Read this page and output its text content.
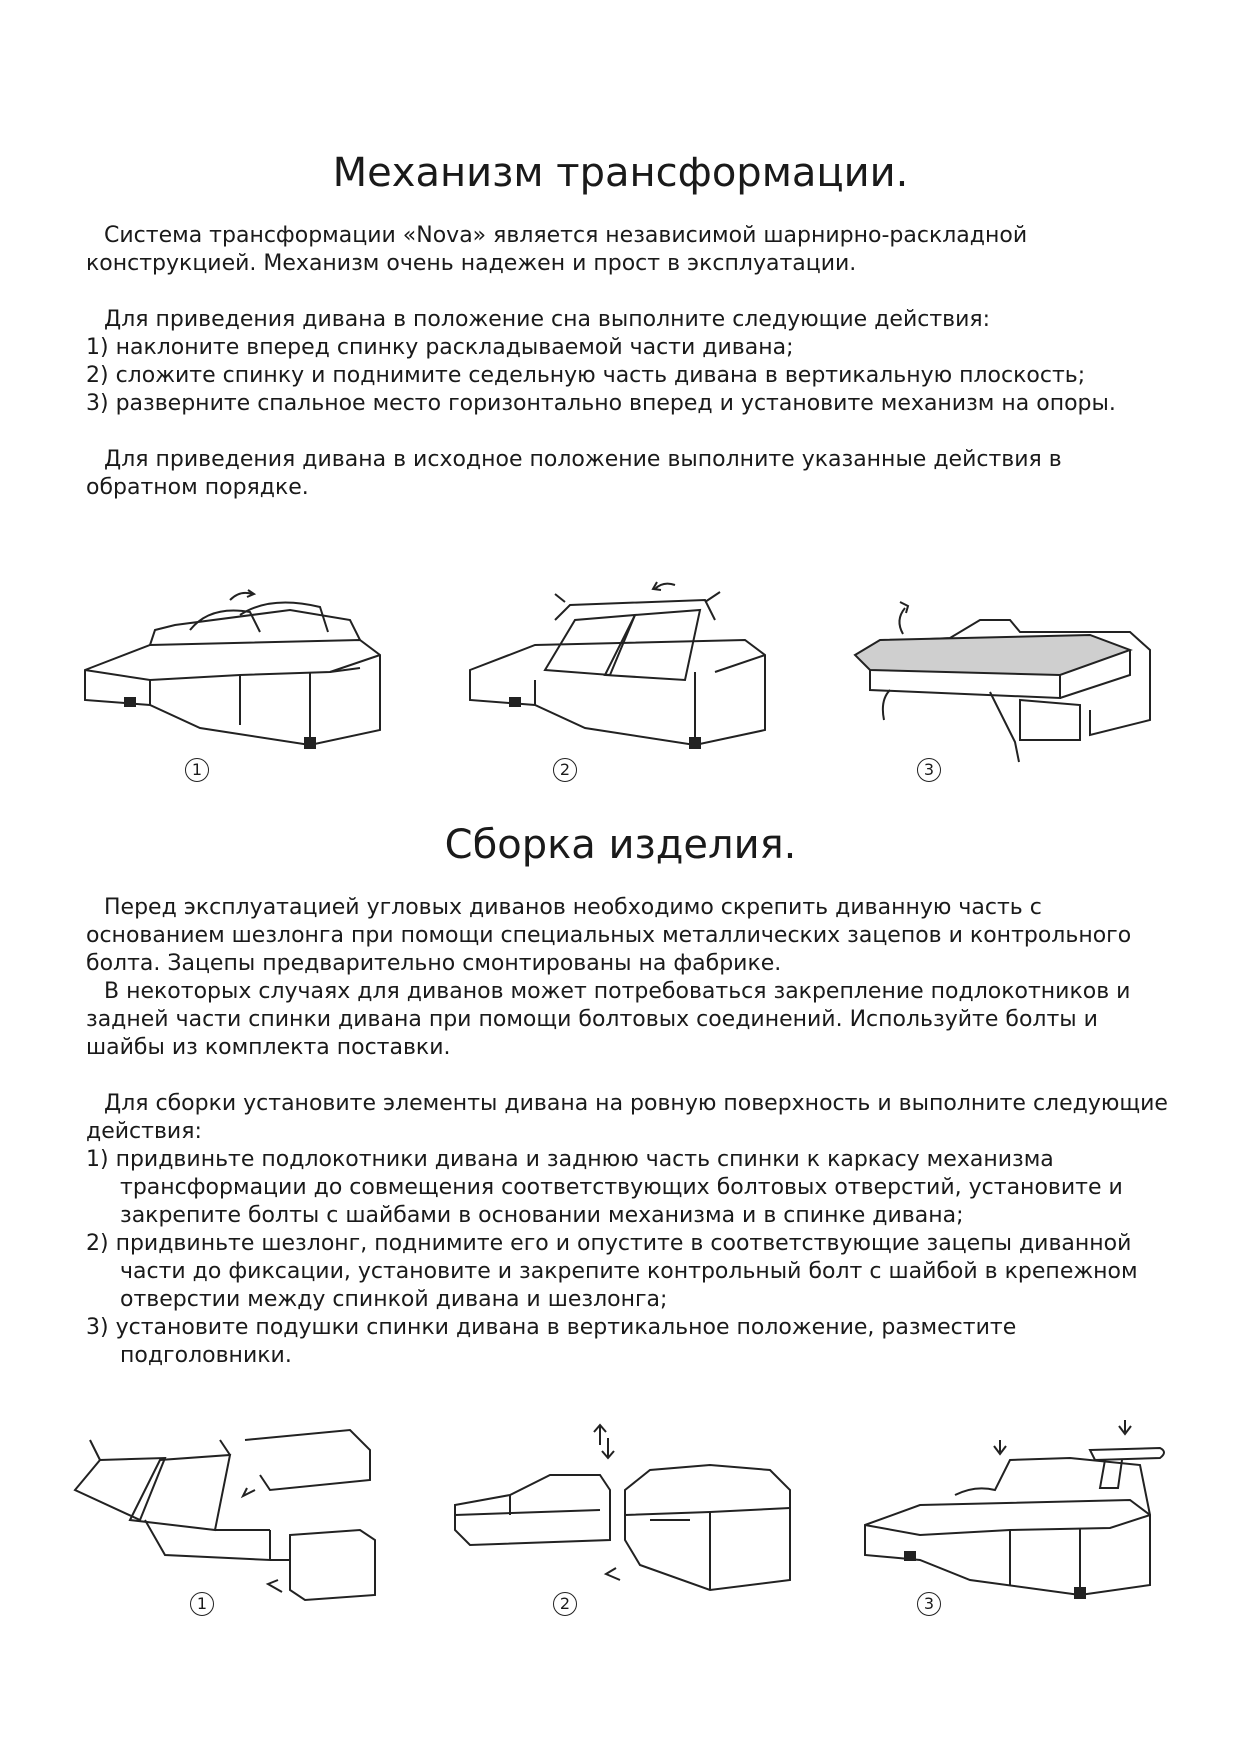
Механизм трансформации.

Система трансформации «Nova» является независимой шарнирно-раскладной конструкцией. Механизм очень надежен и прост в эксплуатации.

Для приведения дивана в положение сна выполните следующие действия:

1) наклоните вперед спинку раскладываемой части дивана;

2) сложите спинку и поднимите седельную часть дивана в вертикальную плоскость;

3) разверните спальное место горизонтально вперед и установите механизм на опоры.

Для приведения дивана в исходное положение выполните указанные действия в обратном порядке.

1	2	3
Сборка изделия.

Перед эксплуатацией угловых диванов необходимо скрепить диванную часть с основанием шезлонга при помощи специальных металлических зацепов и контрольного болта. Зацепы предварительно смонтированы на фабрике.

В некоторых случаях для диванов может потребоваться закрепление подлокотников и задней части спинки дивана при помощи болтовых соединений. Используйте болты и шайбы из комплекта поставки.

Для сборки установите элементы дивана на ровную поверхность и выполните следующие действия:

1) придвиньте подлокотники дивана и заднюю часть спинки к каркасу механизма трансформации до совмещения соответствующих болтовых отверстий, установите и закрепите болты с шайбами в основании механизма и в спинке дивана;

2) придвиньте шезлонг, поднимите его и опустите в соответствующие зацепы диванной части до фиксации, установите и закрепите контрольный болт с шайбой в крепежном отверстии между спинкой дивана и шезлонга;

3) установите подушки спинки дивана в вертикальное положение, разместите подголовники.

1	2	3
